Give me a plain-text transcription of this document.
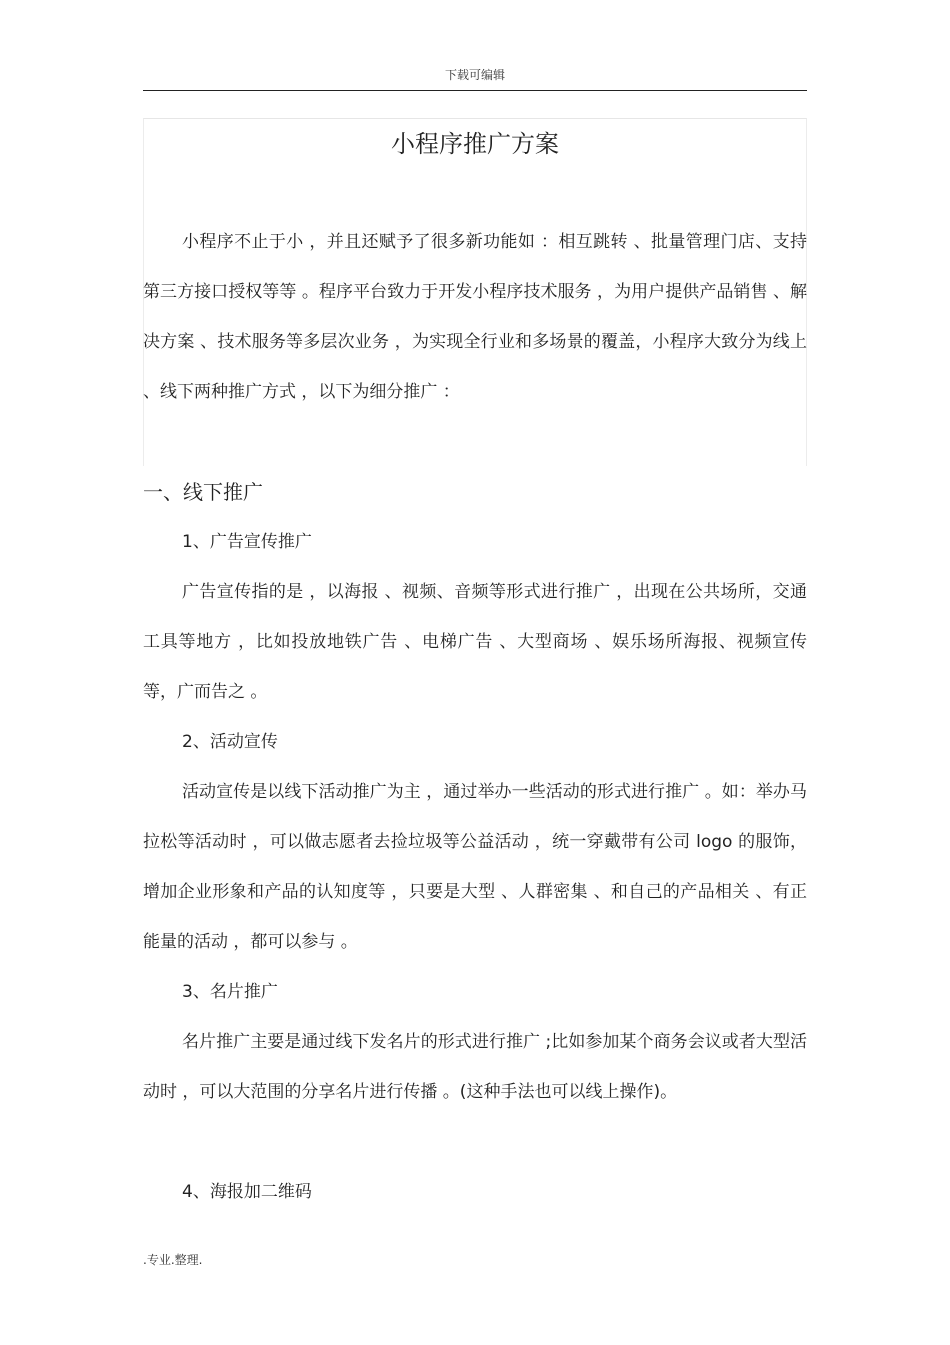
下载可编辑
小程序推广方案

小程序不止于小 ，并且还赋予了很多新功能如 ：相互跳转 、批量管理门店、支持第三方接口授权等等 。程序平台致力于开发小程序技术服务 ，为用户提供产品销售 、解决方案 、技术服务等多层次业务 ，为实现全行业和多场景的覆盖，小程序大致分为线上 、线下两种推广方式 ，以下为细分推广 ：

一、线下推广
1、广告宣传推广

广告宣传指的是 ，以海报 、视频、音频等形式进行推广 ，出现在公共场所，交通工具等地方 ，比如投放地铁广告 、电梯广告 、大型商场 、娱乐场所海报、视频宣传等，广而告之 。

2、活动宣传

活动宣传是以线下活动推广为主 ，通过举办一些活动的形式进行推广 。如：举办马拉松等活动时 ，可以做志愿者去捡垃圾等公益活动 ，统一穿戴带有公司 logo 的服饰，增加企业形象和产品的认知度等 ，只要是大型 、人群密集 、和自己的产品相关 、有正能量的活动 ，都可以参与 。

3、名片推广

名片推广主要是通过线下发名片的形式进行推广 ;比如参加某个商务会议或者大型活动时 ，可以大范围的分享名片进行传播 。(这种手法也可以线上操作)。

4、海报加二维码
.专业.整理.
